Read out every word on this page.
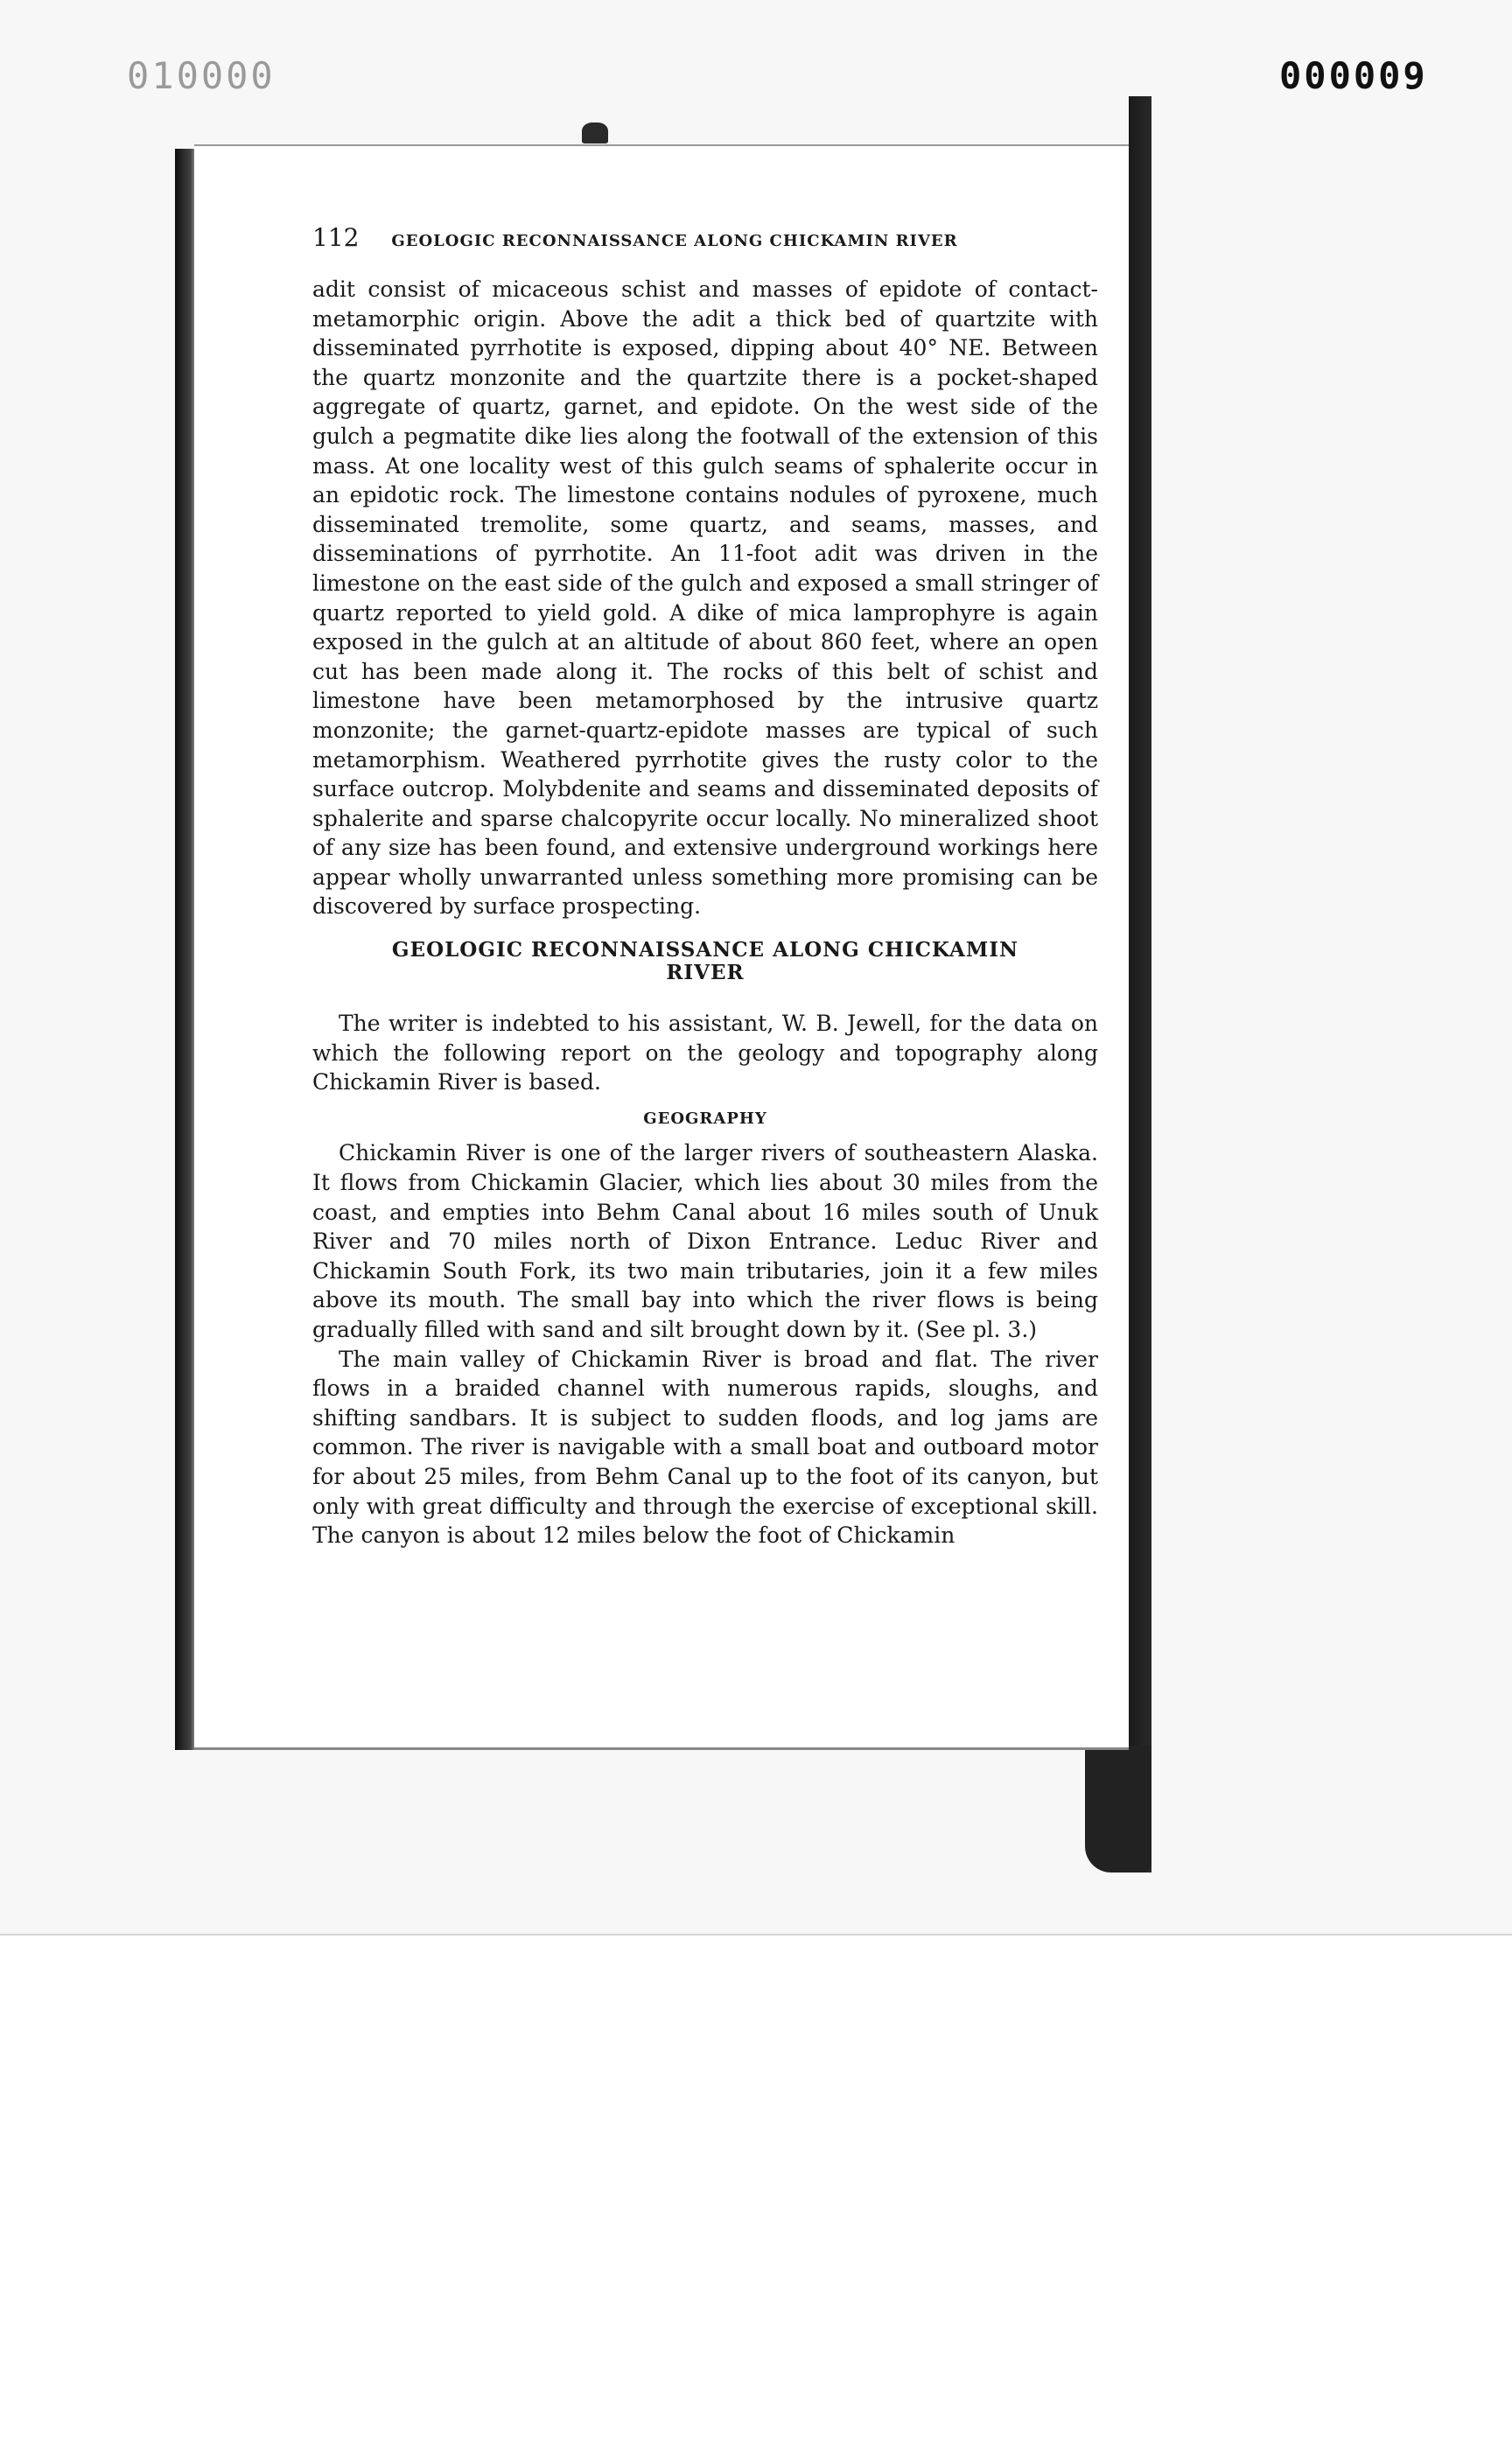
010000	000009
112 GEOLOGIC RECONNAISSANCE ALONG CHICKAMIN RIVER

adit consist of micaceous schist and masses of epidote of contact-metamorphic origin. Above the adit a thick bed of quartzite with disseminated pyrrhotite is exposed, dipping about 40° NE. Between the quartz monzonite and the quartzite there is a pocket-shaped aggregate of quartz, garnet, and epidote. On the west side of the gulch a pegmatite dike lies along the footwall of the extension of this mass. At one locality west of this gulch seams of sphalerite occur in an epidotic rock. The limestone contains nodules of pyroxene, much disseminated tremolite, some quartz, and seams, masses, and disseminations of pyrrhotite. An 11-foot adit was driven in the limestone on the east side of the gulch and exposed a small stringer of quartz reported to yield gold. A dike of mica lamprophyre is again exposed in the gulch at an altitude of about 860 feet, where an open cut has been made along it. The rocks of this belt of schist and limestone have been metamorphosed by the intrusive quartz monzonite; the garnet-quartz-epidote masses are typical of such metamorphism. Weathered pyrrhotite gives the rusty color to the surface outcrop. Molybdenite and seams and disseminated deposits of sphalerite and sparse chalcopyrite occur locally. No mineralized shoot of any size has been found, and extensive underground workings here appear wholly unwarranted unless something more promising can be discovered by surface prospecting.

GEOLOGIC RECONNAISSANCE ALONG CHICKAMIN
RIVER

The writer is indebted to his assistant, W. B. Jewell, for the data on which the following report on the geology and topography along Chickamin River is based.

GEOGRAPHY

Chickamin River is one of the larger rivers of southeastern Alaska. It flows from Chickamin Glacier, which lies about 30 miles from the coast, and empties into Behm Canal about 16 miles south of Unuk River and 70 miles north of Dixon Entrance. Leduc River and Chickamin South Fork, its two main tributaries, join it a few miles above its mouth. The small bay into which the river flows is being gradually filled with sand and silt brought down by it. (See pl. 3.)

The main valley of Chickamin River is broad and flat. The river flows in a braided channel with numerous rapids, sloughs, and shifting sandbars. It is subject to sudden floods, and log jams are common. The river is navigable with a small boat and outboard motor for about 25 miles, from Behm Canal up to the foot of its canyon, but only with great difficulty and through the exercise of exceptional skill. The canyon is about 12 miles below the foot of Chickamin
